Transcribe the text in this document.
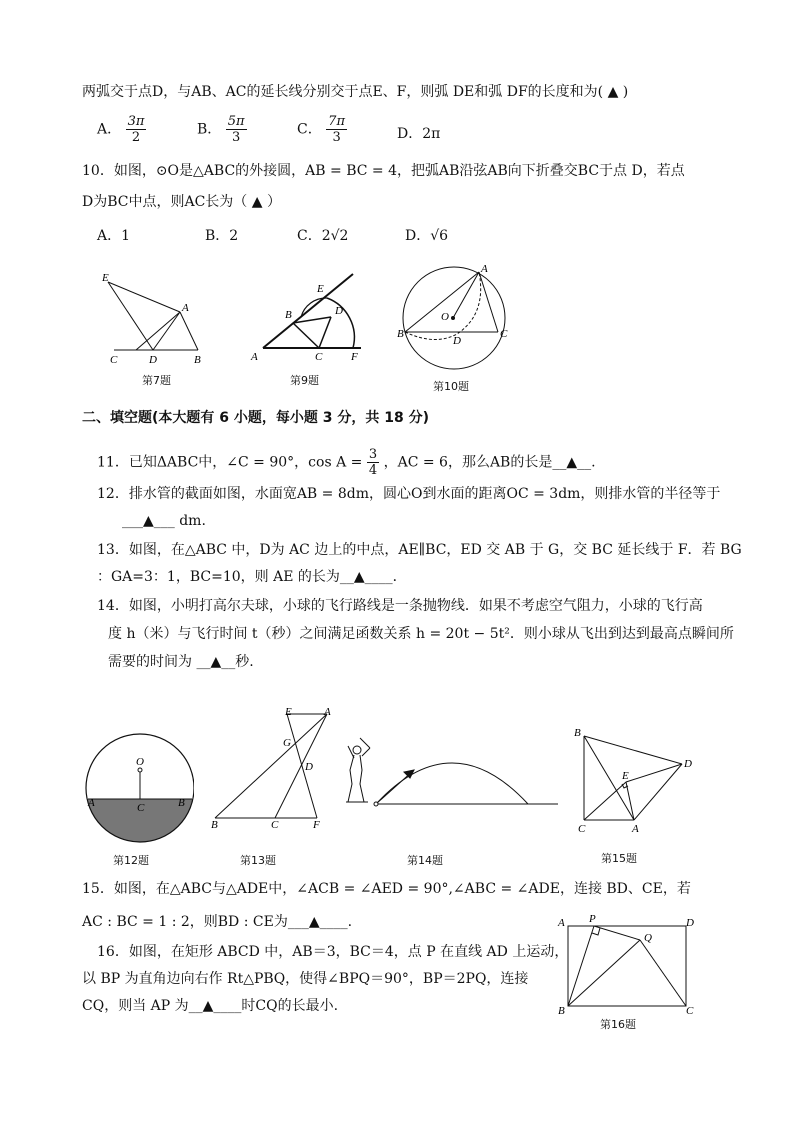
两弧交于点D，与AB、AC的延长线分别交于点E、F，则弧 DE和弧 DF的长度和为( ▲ )
A． $\frac{3\pi}{2}$	B． $\frac{5\pi}{3}$	C． $\frac{7\pi}{3}$	D．2π
10．如图，⊙O是△ABC的外接圆，AB = BC = 4，把弧AB沿弦AB向下折叠交BC于点 D，若点
D为BC中点，则AC长为（ ▲ ）
A．1	B．2	C．2√2	D．√6
E
A
C	D	B
第7题
E
D
B
A	C	F
第9题
A
O
B
D
C
第10题
二、填空题(本大题有 6 小题，每小题 3 分，共 18 分)
11．已知ΔABC中，∠C = 90°，$\cos A = \frac{3}{4}$ ，AC = 6，那么AB的长是__▲__.
12．排水管的截面如图，水面宽AB = 8dm，圆心O到水面的距离OC = 3dm，则排水管的半径等于
___▲___ dm.
13．如图，在△ABC 中，D为 AC 边上的中点，AE∥BC，ED 交 AB 于 G，交 BC 延长线于 F．若 BG
：GA=3：1，BC=10，则 AE 的长为__▲____．
14．如图，小明打高尔夫球，小球的飞行路线是一条抛物线．如果不考虑空气阻力，小球的飞行高
度 h（米）与飞行时间 t（秒）之间满足函数关系 h = 20t − 5t²．则小球从飞出到达到最高点瞬间所
需要的时间为 __▲__秒.
O
C
A	B
第12题
E	A
G
D
B	C	F
第13题	第14题
B
D
E
C	A
第15题
15．如图，在△ABC与△ADE中，∠ACB = ∠AED = 90°,∠ABC = ∠ADE，连接 BD、CE，若
AC : BC = 1 : 2，则BD : CE为___▲____.
16．如图，在矩形 ABCD 中，AB＝3，BC＝4，点 P 在直线 AD 上运动，
以 BP 为直角边向右作 Rt△PBQ，使得∠BPQ＝90°，BP＝2PQ，连接
CQ，则当 AP 为__▲____时CQ的长最小.
A P
Q
D
B	C
第16题
